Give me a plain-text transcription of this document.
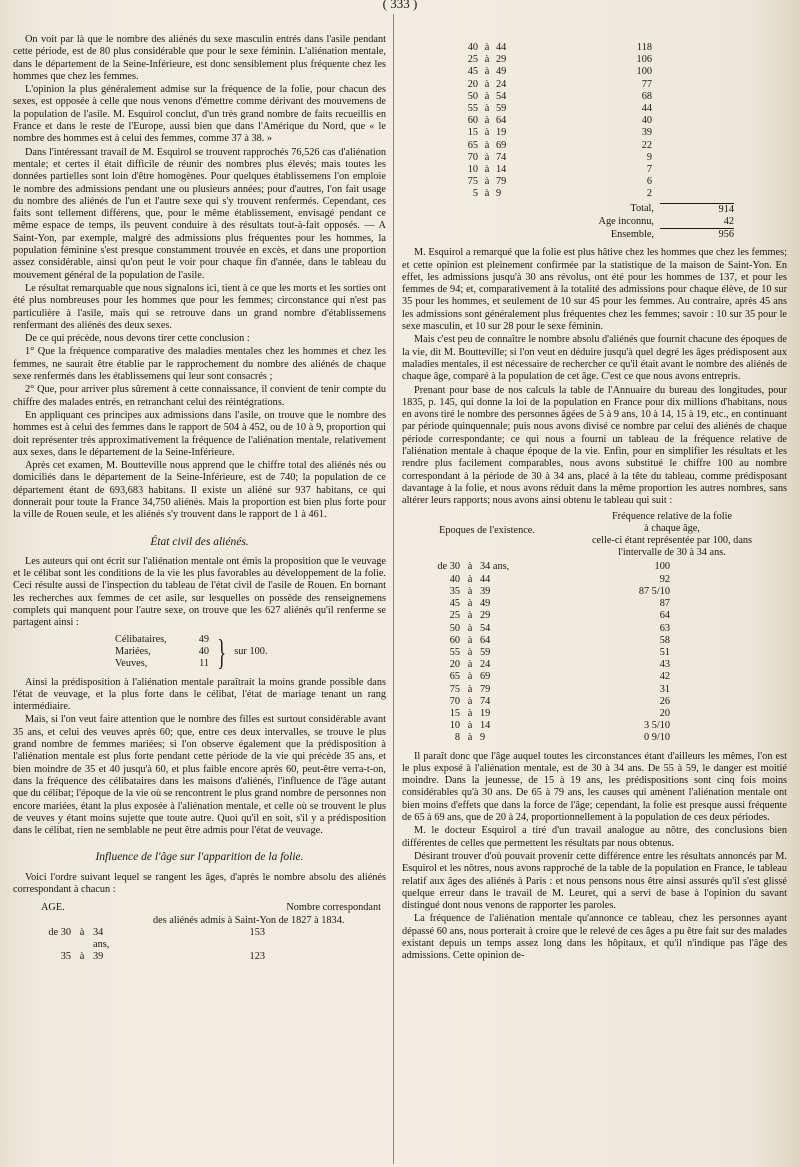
( 333 )

On voit par là que le nombre des aliénés du sexe masculin entrés dans l'asile pendant cette période, est de 80 plus considérable que pour le sexe féminin. L'aliénation mentale, dans le département de la Seine-Inférieure, est donc sensiblement plus fréquente chez les hommes que chez les femmes.

L'opinion la plus généralement admise sur la fréquence de la folie, pour chacun des sexes, est opposée à celle que nous venons d'émettre comme dérivant des mouvemens de la population de l'asile. M. Esquirol conclut, d'un très grand nombre de faits recueillis en France et dans le reste de l'Europe, aussi bien que dans l'Amérique du Nord, que « le nombre des hommes est à celui des femmes, comme 37 à 38. »

Dans l'intéressant travail de M. Esquirol se trouvent rapprochés 76,526 cas d'aliénation mentale; et certes il était difficile de réunir des nombres plus élevés; mais toutes les données partielles sont loin d'être homogènes. Pour quelques établissemens l'on emploie le nombre des admissions pendant une ou plusieurs années; pour d'autres, l'on fait usage du nombre des aliénés de l'un et l'autre sexe qui s'y trouvent renfermés. Cependant, ces faits sont tellement différens, que, pour le même établissement, envisagé pendant ce même espace de temps, ils peuvent conduire à des résultats tout-à-fait opposés. — A Saint-Yon, par exemple, malgré des admissions plus fréquentes pour les hommes, la population féminine s'est presque constamment trouvée en excès, et dans une proportion assez considérable, ainsi qu'on peut le voir pour chaque fin d'année, dans le tableau du mouvement général de la population de l'asile.

Le résultat remarquable que nous signalons ici, tient à ce que les morts et les sorties ont été plus nombreuses pour les hommes que pour les femmes; circonstance qui n'est pas particulière à l'asile, mais qui se retrouve dans un grand nombre d'établissemens renfermant des aliénés des deux sexes.

De ce qui précède, nous devons tirer cette conclusion :

1° Que la fréquence comparative des maladies mentales chez les hommes et chez les femmes, ne saurait être établie par le rapprochement du nombre des aliénés de chaque sexe renfermés dans les établissemens qui leur sont consacrés ;

2° Que, pour arriver plus sûrement à cette connaissance, il convient de tenir compte du chiffre des malades entrés, en retranchant celui des réintégrations.

En appliquant ces principes aux admissions dans l'asile, on trouve que le nombre des hommes est à celui des femmes dans le rapport de 504 à 452, ou de 10 à 9, proportion qui doit représenter très approximativement la fréquence de l'aliénation mentale, relativement aux sexes, dans le département de la Seine-Inférieure.

Après cet examen, M. Boutteville nous apprend que le chiffre total des aliénés nés ou domiciliés dans le département de la Seine-Inférieure, est de 740; la population de ce département étant de 693,683 habitans. Il existe un aliéné sur 937 habitans, ce qui donnerait pour toute la France 34,750 aliénés. Mais la proportion est bien plus forte pour la ville de Rouen seule, et les aliénés s'y trouvent dans le rapport de 1 à 461.

État civil des aliénés.

Les auteurs qui ont écrit sur l'aliénation mentale ont émis la proposition que le veuvage et le célibat sont les conditions de la vie les plus favorables au développement de la folie. Ceci résulte aussi de l'inspection du tableau de l'état civil de l'asile de Rouen. En bornant les recherches aux femmes de cet asile, sur lesquelles on possède des renseignemens complets qui manquent pour l'autre sexe, on trouve que les 627 aliénés qu'il renferme se partagent ainsi :

Célibataires,	49
Mariées,	40
Veuves,	11 } sur 100.

Ainsi la prédisposition à l'aliénation mentale paraîtrait la moins grande possible dans l'état de veuvage, et la plus forte dans le célibat, l'état de mariage tenant un rang intermédiaire.

Mais, si l'on veut faire attention que le nombre des filles est surtout considérable avant 35 ans, et celui des veuves après 60; que, entre ces deux intervalles, se trouve le plus grand nombre de femmes mariées; si l'on observe également que la prédisposition à l'aliénation mentale est plus forte pendant cette période de la vie qui précède 35 ans, et bien moindre de 35 et 40 jusqu'à 60, et plus faible encore après 60, peut-être verra-t-on, dans la fréquence des célibataires dans les maisons d'aliénés, l'influence de l'âge autant que du célibat; l'époque de la vie où se rencontrent le plus grand nombre de personnes non encore mariées, étant la plus exposée à l'aliénation mentale, et celle où se trouvent le plus de veuves y étant moins sujette que toute autre. Quoi qu'il en soit, s'il y a prédisposition dans le célibat, rien ne semblable ne peut être admis pour l'état de veuvage.

Influence de l'âge sur l'apparition de la folie.

Voici l'ordre suivant lequel se rangent les âges, d'après le nombre absolu des aliénés correspondant à chacun :

AGE.	Nombre correspondant
des aliénés admis à Saint-Yon de 1827 à 1834.
de 30	à	34 ans,	153
35	à	39	123
40	à	44	118
25	à	29	106
45	à	49	100
20	à	24	77
50	à	54	68
55	à	59	44
60	à	64	40
15	à	19	39
65	à	69	22
70	à	74	9
10	à	14	7
75	à	79	6
5	à	9	2
Total,	914
Age inconnu,	42
Ensemble,	956

M. Esquirol a remarqué que la folie est plus hâtive chez les hommes que chez les femmes; et cette opinion est pleinement confirmée par la statistique de la maison de Saint-Yon. En effet, les admissions jusqu'à 30 ans révolus, ont été pour les hommes de 137, et pour les femmes de 94; et, comparativement à la totalité des admissions pour chaque élève, de 10 sur 35 pour les hommes, et seulement de 10 sur 45 pour les femmes. Au contraire, après 45 ans les admissions sont généralement plus fréquentes chez les femmes; savoir : 10 sur 35 pour le sexe masculin, et 10 sur 28 pour le sexe féminin.

Mais c'est peu de connaître le nombre absolu d'aliénés que fournit chacune des époques de la vie, dit M. Boutteville; si l'on veut en déduire jusqu'à quel degré les âges prédisposent aux maladies mentales, il est nécessaire de rechercher ce qu'il était avant le nombre des aliénés de chaque âge, comparé à la population de cet âge. C'est ce que nous avons entrepris.

Prenant pour base de nos calculs la table de l'Annuaire du bureau des longitudes, pour 1835, p. 145, qui donne la loi de la population en France pour dix millions d'habitans, nous en avons tiré le nombre des personnes âgées de 5 à 9 ans, 10 à 14, 15 à 19, etc., en continuant par période quinquennale; puis nous avons divisé ce nombre par celui des aliénés de chaque période correspondante; ce qui nous a fourni un tableau de la fréquence relative de l'aliénation mentale à chaque époque de la vie. Enfin, pour en simplifier les résultats et les rendre plus facilement comparables, nous avons substitué le chiffre 100 au nombre correspondant à la période de 30 à 34 ans, placé à la tête du tableau, comme prédisposant davantage à la folie, et nous avons réduit dans la même proportion les autres nombres, sans altérer leurs rapports; nous avons ainsi obtenu le tableau qui suit :

Epoques de l'existence.
Fréquence relative de la folie
à chaque âge,
celle-ci étant représentée par 100, dans
l'intervalle de 30 à 34 ans.
de 30	à	34 ans,	100
40	à	44	92
35	à	39	87 5/10
45	à	49	87
25	à	29	64
50	à	54	63
60	à	64	58
55	à	59	51
20	à	24	43
65	à	69	42
75	à	79	31
70	à	74	26
15	à	19	20
10	à	14	3 5/10
8	à	9	0 9/10

Il paraît donc que l'âge auquel toutes les circonstances étant d'ailleurs les mêmes, l'on est le plus exposé à l'aliénation mentale, est de 30 à 34 ans. De 55 à 59, le danger est moitié moindre. Dans la jeunesse, de 15 à 19 ans, les prédispositions sont cinq fois moins considérables qu'à 30 ans. De 65 à 79 ans, les causes qui amènent l'aliénation mentale ont bien moins d'effets que dans la force de l'âge; cependant, la folie est presque aussi fréquente de 65 à 69 ans, que de 20 à 24, proportionnellement à la population de ces deux périodes.

M. le docteur Esquirol a tiré d'un travail analogue au nôtre, des conclusions bien différentes de celles que permettent les résultats par nous obtenus.

Désirant trouver d'où pouvait provenir cette différence entre les résultats annoncés par M. Esquirol et les nôtres, nous avons rapproché de la table de la population en France, le tableau relatif aux âges des aliénés à Paris : et nous pensons nous être ainsi assurés qu'il s'est glissé quelque erreur dans le travail de M. Leuret, qui a servi de base à l'opinion du savant distingué dont nous venons de rapporter les paroles.

La fréquence de l'aliénation mentale qu'annonce ce tableau, chez les personnes ayant dépassé 60 ans, nous porterait à croire que le relevé de ces âges a pu être fait sur des malades existant depuis un temps assez long dans les hôpitaux, et qu'il n'indique pas l'âge des admissions. Cette opinion de-
